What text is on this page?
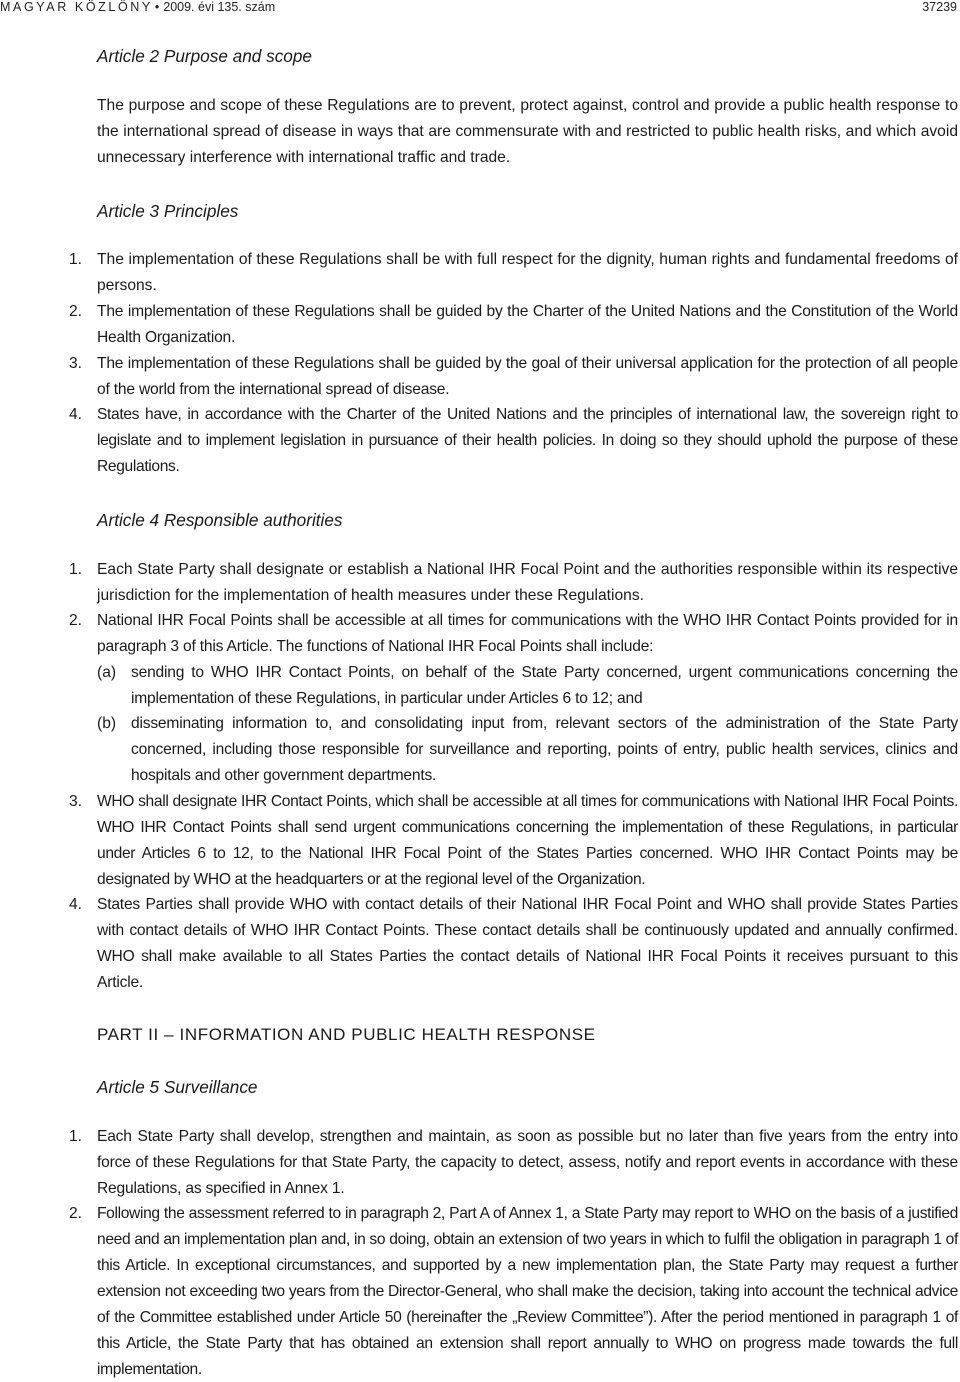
MAGYAR KÖZLÖNY • 2009. évi 135. szám	37239
Article 2 Purpose and scope
The purpose and scope of these Regulations are to prevent, protect against, control and provide a public health response to the international spread of disease in ways that are commensurate with and restricted to public health risks, and which avoid unnecessary interference with international traffic and trade.
Article 3 Principles
1. The implementation of these Regulations shall be with full respect for the dignity, human rights and fundamental freedoms of persons.
2. The implementation of these Regulations shall be guided by the Charter of the United Nations and the Constitution of the World Health Organization.
3. The implementation of these Regulations shall be guided by the goal of their universal application for the protection of all people of the world from the international spread of disease.
4. States have, in accordance with the Charter of the United Nations and the principles of international law, the sovereign right to legislate and to implement legislation in pursuance of their health policies. In doing so they should uphold the purpose of these Regulations.
Article 4 Responsible authorities
1. Each State Party shall designate or establish a National IHR Focal Point and the authorities responsible within its respective jurisdiction for the implementation of health measures under these Regulations.
2. National IHR Focal Points shall be accessible at all times for communications with the WHO IHR Contact Points provided for in paragraph 3 of this Article. The functions of National IHR Focal Points shall include:
(a) sending to WHO IHR Contact Points, on behalf of the State Party concerned, urgent communications concerning the implementation of these Regulations, in particular under Articles 6 to 12; and
(b) disseminating information to, and consolidating input from, relevant sectors of the administration of the State Party concerned, including those responsible for surveillance and reporting, points of entry, public health services, clinics and hospitals and other government departments.
3. WHO shall designate IHR Contact Points, which shall be accessible at all times for communications with National IHR Focal Points. WHO IHR Contact Points shall send urgent communications concerning the implementation of these Regulations, in particular under Articles 6 to 12, to the National IHR Focal Point of the States Parties concerned. WHO IHR Contact Points may be designated by WHO at the headquarters or at the regional level of the Organization.
4. States Parties shall provide WHO with contact details of their National IHR Focal Point and WHO shall provide States Parties with contact details of WHO IHR Contact Points. These contact details shall be continuously updated and annually confirmed. WHO shall make available to all States Parties the contact details of National IHR Focal Points it receives pursuant to this Article.
PART II – INFORMATION AND PUBLIC HEALTH RESPONSE
Article 5 Surveillance
1. Each State Party shall develop, strengthen and maintain, as soon as possible but no later than five years from the entry into force of these Regulations for that State Party, the capacity to detect, assess, notify and report events in accordance with these Regulations, as specified in Annex 1.
2. Following the assessment referred to in paragraph 2, Part A of Annex 1, a State Party may report to WHO on the basis of a justified need and an implementation plan and, in so doing, obtain an extension of two years in which to fulfil the obligation in paragraph 1 of this Article. In exceptional circumstances, and supported by a new implementation plan, the State Party may request a further extension not exceeding two years from the Director-General, who shall make the decision, taking into account the technical advice of the Committee established under Article 50 (hereinafter the „Review Committee”). After the period mentioned in paragraph 1 of this Article, the State Party that has obtained an extension shall report annually to WHO on progress made towards the full implementation.
